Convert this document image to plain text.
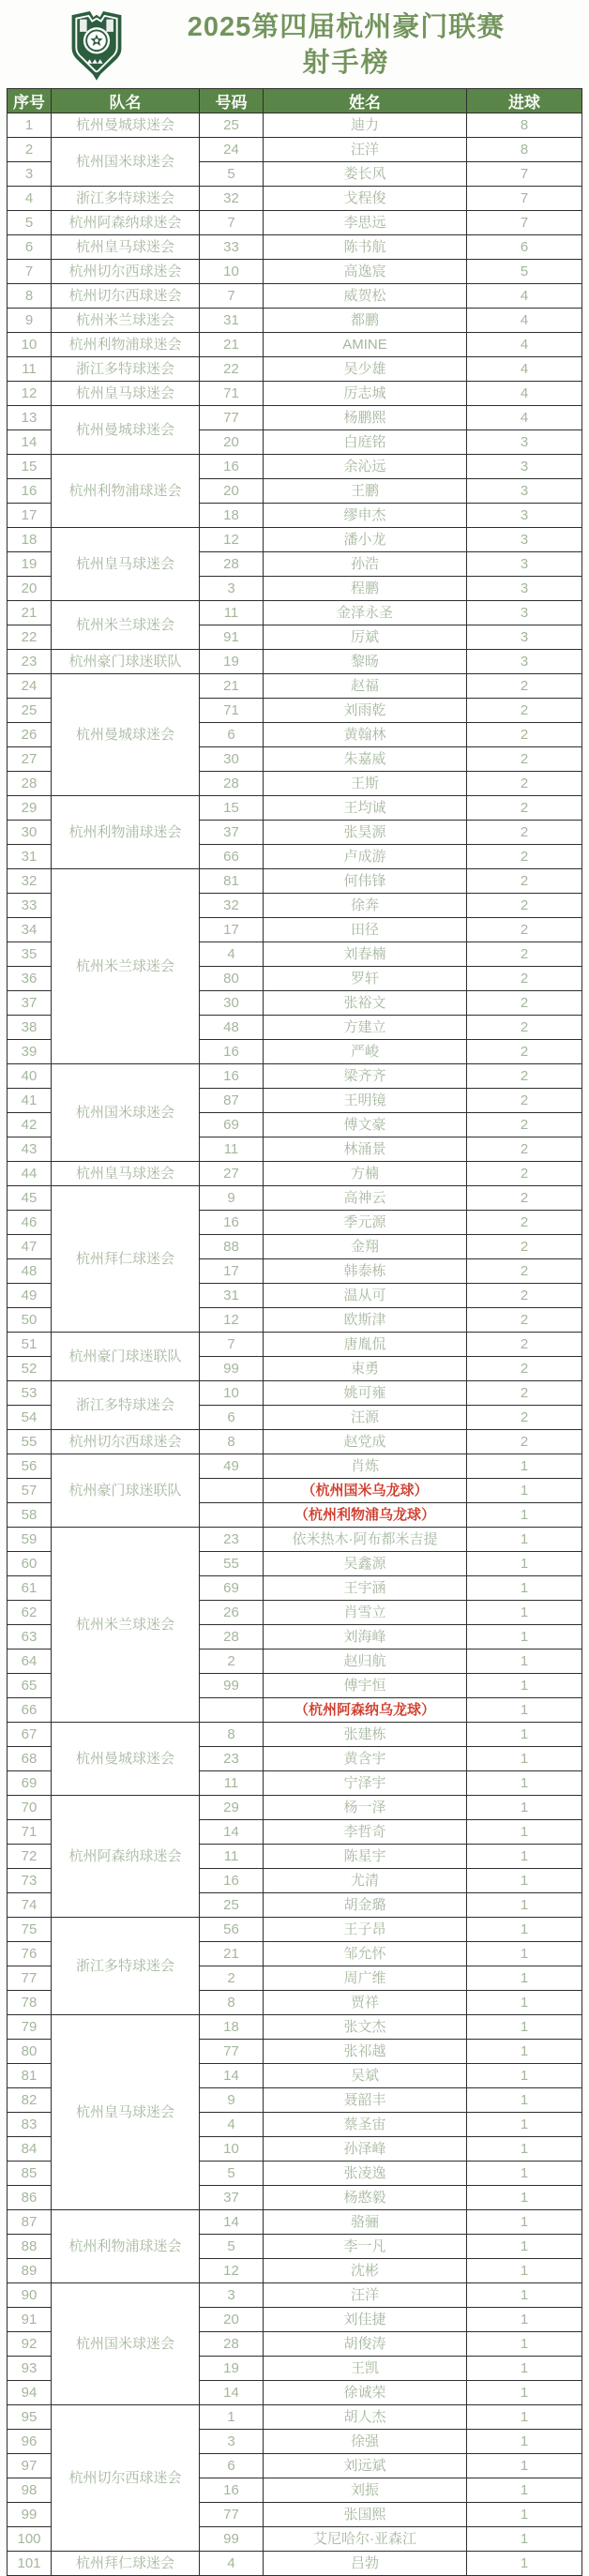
2025第四届杭州豪门联赛
射手榜
序号	队名	号码	姓名	进球
1	杭州曼城球迷会	25	迪力	8
2	杭州国米球迷会	24	汪洋	8
3		5	娄长风	7
4	浙江多特球迷会	32	戈程俊	7
5	杭州阿森纳球迷会	7	李思远	7
6	杭州皇马球迷会	33	陈书航	6
7	杭州切尔西球迷会	10	高逸宸	5
8	杭州切尔西球迷会	7	威贺松	4
9	杭州米兰球迷会	31	都鹏	4
10	杭州利物浦球迷会	21	AMINE	4
11	浙江多特球迷会	22	吴少雄	4
12	杭州皇马球迷会	71	厉志城	4
13	杭州曼城球迷会	77	杨鹏熙	4
14		20	白庭铭	3
15	杭州利物浦球迷会	16	余沁远	3
16		20	王鹏	3
17		18	缪申杰	3
18	杭州皇马球迷会	12	潘小龙	3
19		28	孙浩	3
20		3	程鹏	3
21	杭州米兰球迷会	11	金泽永圣	3
22		91	厉斌	3
23	杭州豪门球迷联队	19	黎旸	3
24	杭州曼城球迷会	21	赵福	2
25		71	刘雨乾	2
26		6	黄翰林	2
27		30	朱嘉威	2
28		28	王斯	2
29	杭州利物浦球迷会	15	王均诚	2
30		37	张昊源	2
31		66	卢成游	2
32	杭州米兰球迷会	81	何伟锋	2
33		32	徐奔	2
34		17	田径	2
35		4	刘春楠	2
36		80	罗轩	2
37		30	张裕文	2
38		48	方建立	2
39		16	严峻	2
40	杭州国米球迷会	16	梁齐齐	2
41		87	王明镜	2
42		69	傅文豪	2
43		11	林涌景	2
44	杭州皇马球迷会	27	方楠	2
45	杭州拜仁球迷会	9	高神云	2
46		16	季元源	2
47		88	金翔	2
48		17	韩泰栋	2
49		31	温从可	2
50		12	欧斯津	2
51	杭州豪门球迷联队	7	唐胤侃	2
52		99	束勇	2
53	浙江多特球迷会	10	姚可雍	2
54		6	汪源	2
55	杭州切尔西球迷会	8	赵党成	2
56	杭州豪门球迷联队	49	肖炼	1
57			（杭州国米乌龙球）	1
58			（杭州利物浦乌龙球）	1
59	杭州米兰球迷会	23	依米热木·阿布都米吉提	1
60		55	吴鑫源	1
61		69	王宇涵	1
62		26	肖雪立	1
63		28	刘海峰	1
64		2	赵归航	1
65		99	傅宇恒	1
66			（杭州阿森纳乌龙球）	1
67	杭州曼城球迷会	8	张建栋	1
68		23	黄含宇	1
69		11	宁泽宇	1
70	杭州阿森纳球迷会	29	杨一泽	1
71		14	李哲奇	1
72		11	陈星宇	1
73		16	尤清	1
74		25	胡金璐	1
75	浙江多特球迷会	56	王子昂	1
76		21	邹允怀	1
77		2	周广维	1
78		8	贾祥	1
79	杭州皇马球迷会	18	张文杰	1
80		77	张祁越	1
81		14	吴斌	1
82		9	聂韶丰	1
83		4	蔡圣宙	1
84		10	孙泽峰	1
85		5	张凌逸	1
86		37	杨憨毅	1
87	杭州利物浦球迷会	14	骆骊	1
88		5	李一凡	1
89		12	沈彬	1
90	杭州国米球迷会	3	汪洋	1
91		20	刘佳捷	1
92		28	胡俊涛	1
93		19	王凯	1
94		14	徐诚荣	1
95	杭州切尔西球迷会	1	胡人杰	1
96		3	徐强	1
97		6	刘远斌	1
98		16	刘振	1
99		77	张国熙	1
100		99	艾尼哈尔·亚森江	1
101	杭州拜仁球迷会	4	吕勃	1
